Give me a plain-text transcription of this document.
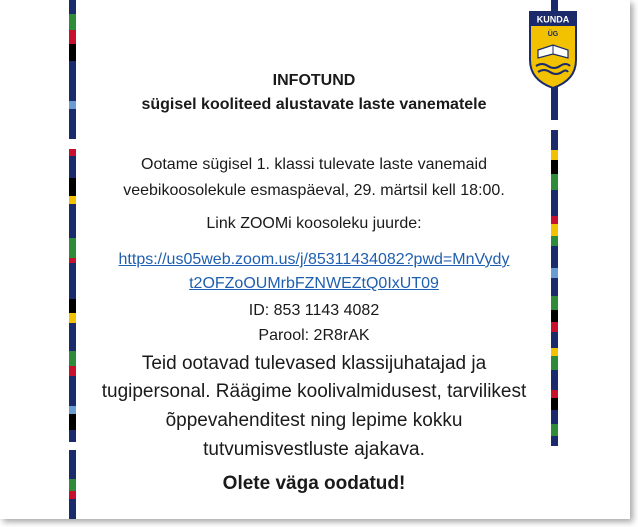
KUNDA
ÜG
INFOTUND
sügisel kooliteed alustavate laste vanematele
Ootame sügisel 1. klassi tulevate laste vanemaid
veebikoosolekule esmaspäeval, 29. märtsil kell 18:00.
Link ZOOMi koosoleku juurde:
https://us05web.zoom.us/j/85311434082?pwd=MnVydy
t2OFZoOUMrbFZNWEZtQ0IxUT09
ID: 853 1143 4082
Parool: 2R8rAK
Teid ootavad tulevased klassijuhatajad ja
tugipersonal. Räägime koolivalmidusest, tarvilikest
õppevahenditest ning lepime kokku
tutvumisvestluste ajakava.
Olete väga oodatud!
